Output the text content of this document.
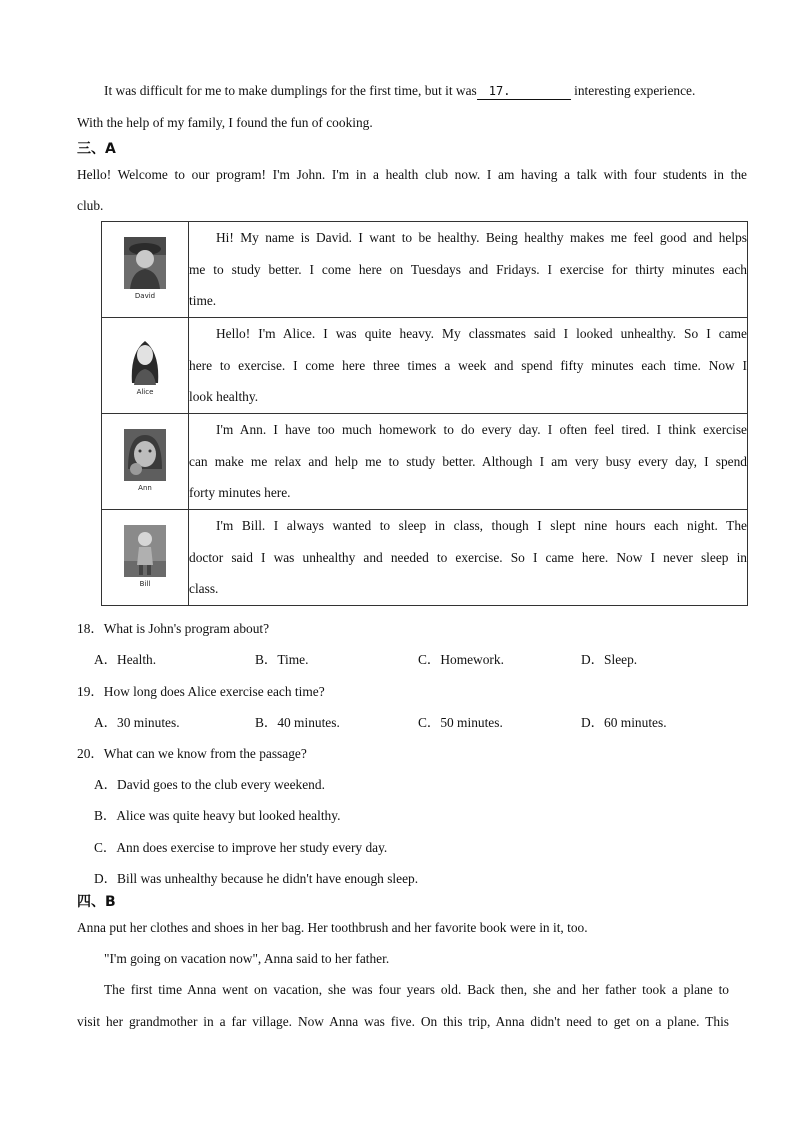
It was difficult for me to make dumplings for the first time, but it was 17.	interesting experience.
With the help of my family, I found the fun of cooking.
三、A
Hello! Welcome to our program! I'm John. I'm in a health club now. I am having a talk with four students in the
club.
David	Hi! My name is David. I want to be healthy. Being healthy makes me feel good and helps
me to study better. I come here on Tuesdays and Fridays. I exercise for thirty minutes each
time.

Alice	Hello! I'm Alice. I was quite heavy. My classmates said I looked unhealthy. So I came
here to exercise. I come here three times a week and spend fifty minutes each time. Now I
look healthy.

Ann	I'm Ann. I have too much homework to do every day. I often feel tired. I think exercise
can make me relax and help me to study better. Although I am very busy every day, I spend
forty minutes here.

Bill	I'm Bill. I always wanted to sleep in class, though I slept nine hours each night. The
doctor said I was unhealthy and needed to exercise. So I came here. Now I never sleep in
class.
18．What is John's program about?
A．Health.	B．Time.	C．Homework.	D．Sleep.
19．How long does Alice exercise each time?
A．30 minutes.	B．40 minutes.	C．50 minutes.	D．60 minutes.
20．What can we know from the passage?
A．David goes to the club every weekend.
B．Alice was quite heavy but looked healthy.
C．Ann does exercise to improve her study every day.
D．Bill was unhealthy because he didn't have enough sleep.
四、B
Anna put her clothes and shoes in her bag. Her toothbrush and her favorite book were in it, too.
"I'm going on vacation now", Anna said to her father.
The first time Anna went on vacation, she was four years old. Back then, she and her father took a plane to
visit her grandmother in a far village. Now Anna was five. On this trip, Anna didn't need to get on a plane. This
